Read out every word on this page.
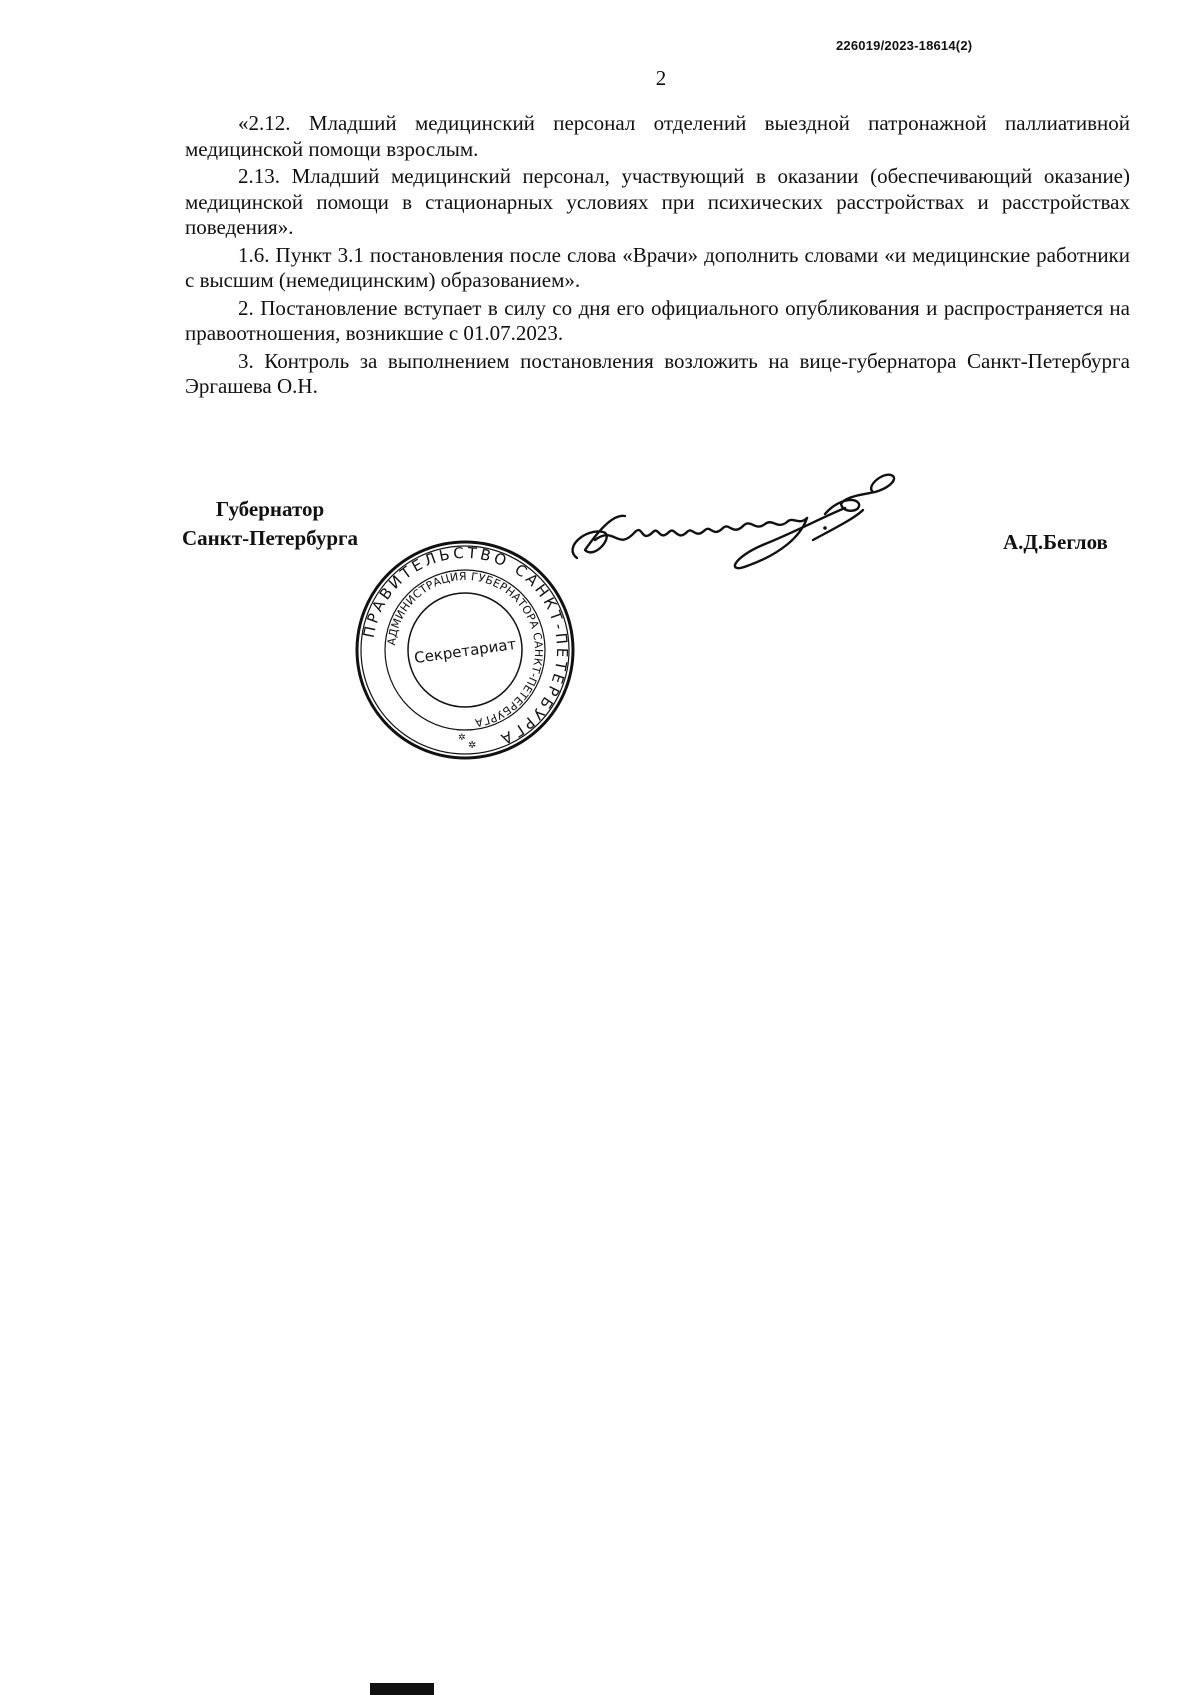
226019/2023-18614(2)
2

«2.12. Младший медицинский персонал отделений выездной патронажной паллиативной медицинской помощи взрослым.

2.13. Младший медицинский персонал, участвующий в оказании (обеспечивающий оказание) медицинской помощи в стационарных условиях при психических расстройствах и расстройствах поведения».

1.6. Пункт 3.1 постановления после слова «Врачи» дополнить словами «и медицинские работники с высшим (немедицинским) образованием».

2. Постановление вступает в силу со дня его официального опубликования и распространяется на правоотношения, возникшие с 01.07.2023.

3. Контроль за выполнением постановления возложить на вице-губернатора Санкт-Петербурга Эргашева О.Н.

Губернатор
Санкт-Петербурга
ПРАВИТЕЛЬСТВО САНКТ-ПЕТЕРБУРГА
АДМИНИСТРАЦИЯ ГУБЕРНАТОРА САНКТ-ПЕТЕРБУРГА
Секретариат
✲
✲
А.Д.Беглов
